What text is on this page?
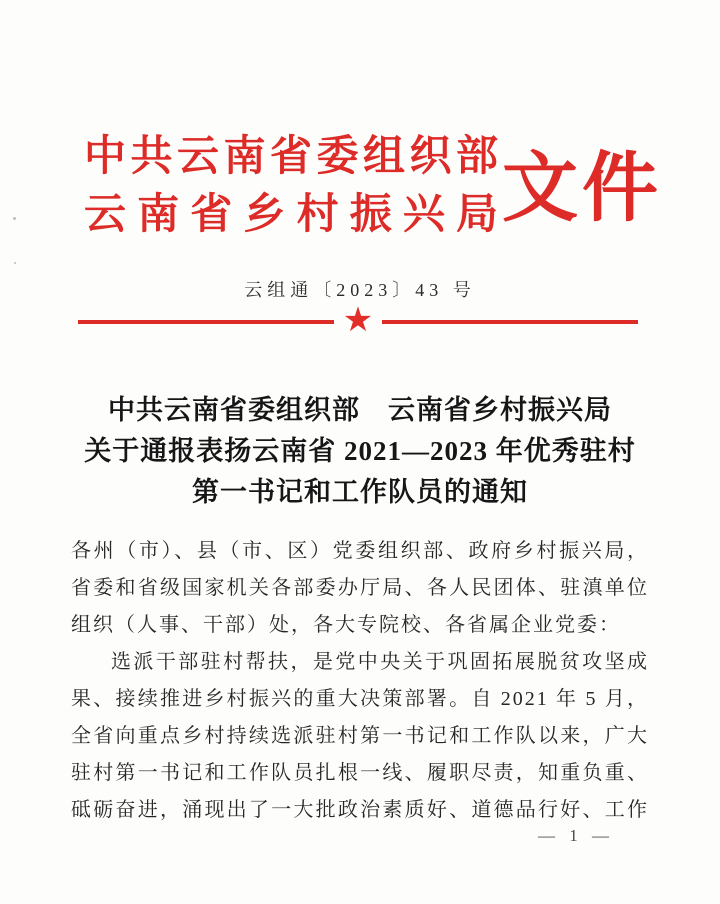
中共云南省委组织部
云南省乡村振兴局 文件
云组通〔2023〕43 号
★
中共云南省委组织部　云南省乡村振兴局
关于通报表扬云南省 2021—2023 年优秀驻村
第一书记和工作队员的通知

各州（市）、县（市、区）党委组织部、政府乡村振兴局，

省委和省级国家机关各部委办厅局、各人民团体、驻滇单位

组织（人事、干部）处，各大专院校、各省属企业党委：

选派干部驻村帮扶，是党中央关于巩固拓展脱贫攻坚成

果、接续推进乡村振兴的重大决策部署。自 2021 年 5 月，

全省向重点乡村持续选派驻村第一书记和工作队以来，广大

驻村第一书记和工作队员扎根一线、履职尽责，知重负重、

砥砺奋进，涌现出了一大批政治素质好、道德品行好、工作

— 1 —
